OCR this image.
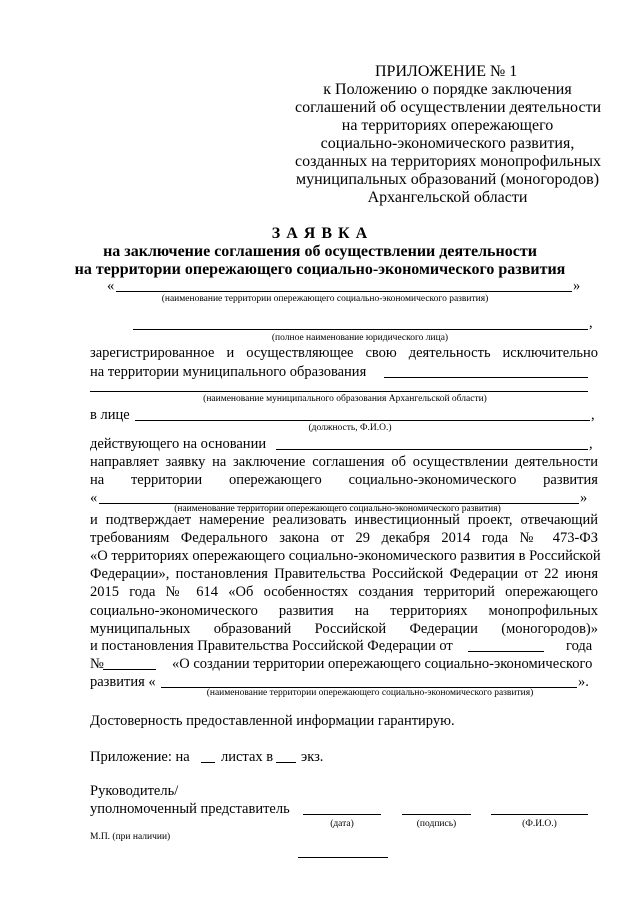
ПРИЛОЖЕНИЕ № 1
к Положению о порядке заключения
соглашений об осуществлении деятельности
на территориях опережающего
социально-экономического развития,
созданных на территориях монопрофильных
муниципальных образований (моногородов)
Архангельской области
З А Я В К А
на заключение соглашения об осуществлении деятельности
на территории опережающего социально-экономического развития
«	»
(наименование территории опережающего социально-экономического развития)
,
(полное наименование юридического лица)
зарегистрированное и осуществляющее свою деятельность исключительно
на территории муниципального образования
(наименование муниципального образования Архангельской области)
в лице	,
(должность, Ф.И.О.)
действующего на основании	,
направляет заявку на заключение соглашения об осуществлении деятельности
на территории опережающего социально-экономического развития
«	»
(наименование территории опережающего социально-экономического развития)
и подтверждает намерение реализовать инвестиционный проект, отвечающий
требованиям Федерального закона от 29 декабря 2014 года № 473-ФЗ
«О территориях опережающего социально-экономического развития в Российской
Федерации», постановления Правительства Российской Федерации от 22 июня
2015 года № 614 «Об особенностях создания территорий опережающего
социально-экономического развития на территориях монопрофильных
муниципальных образований Российской Федерации (моногородов)»
и постановления Правительства Российской Федерации от	года
№	«О создании территории опережающего социально-экономического
развития «	».
(наименование территории опережающего социально-экономического развития)
Достоверность предоставленной информации гарантирую.
Приложение: на листах в экз.
Руководитель/
уполномоченный представитель
(дата)	(подпись)	(Ф.И.О.)
М.П. (при наличии)
